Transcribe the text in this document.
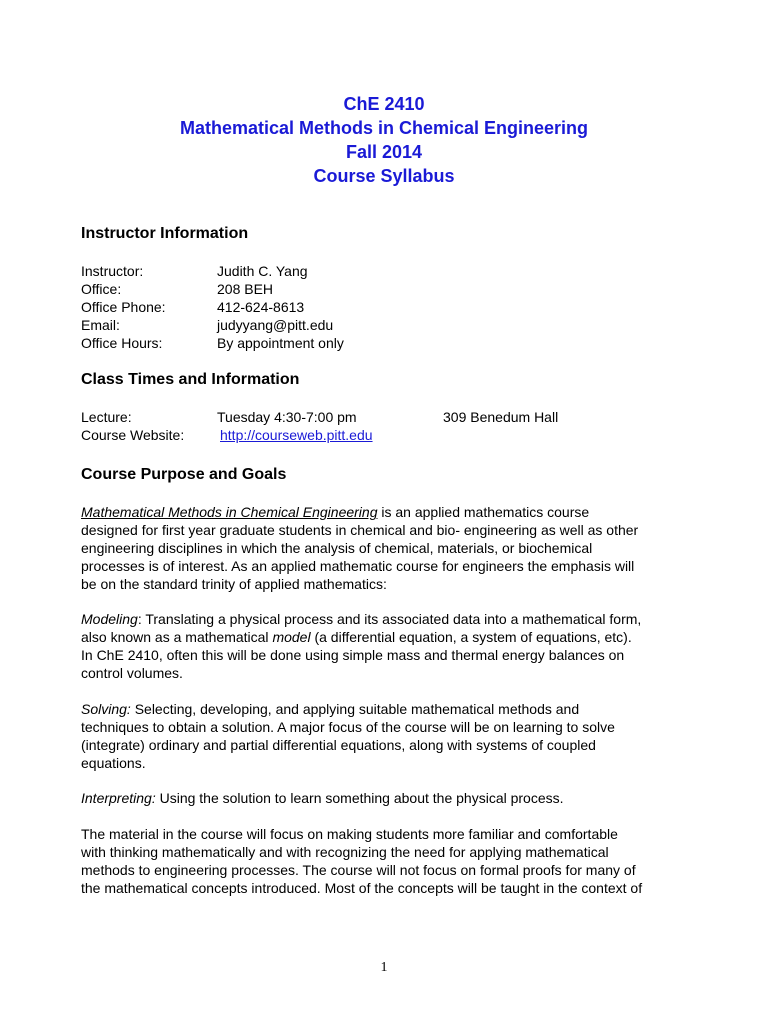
ChE 2410
Mathematical Methods in Chemical Engineering
Fall 2014
Course Syllabus
Instructor Information
Instructor:	Judith C. Yang
Office:	208 BEH
Office Phone:	412-624-8613
Email:	judyyang@pitt.edu
Office Hours:	By appointment only
Class Times and Information
Lecture:	Tuesday 4:30-7:00 pm	309 Benedum Hall
Course Website:	http://courseweb.pitt.edu
Course Purpose and Goals

Mathematical Methods in Chemical Engineering is an applied mathematics course
designed for first year graduate students in chemical and bio- engineering as well as other
engineering disciplines in which the analysis of chemical, materials, or biochemical
processes is of interest. As an applied mathematic course for engineers the emphasis will
be on the standard trinity of applied mathematics:

Modeling: Translating a physical process and its associated data into a mathematical form,
also known as a mathematical model (a differential equation, a system of equations, etc).
In ChE 2410, often this will be done using simple mass and thermal energy balances on
control volumes.

Solving: Selecting, developing, and applying suitable mathematical methods and
techniques to obtain a solution. A major focus of the course will be on learning to solve
(integrate) ordinary and partial differential equations, along with systems of coupled
equations.

Interpreting: Using the solution to learn something about the physical process.

The material in the course will focus on making students more familiar and comfortable
with thinking mathematically and with recognizing the need for applying mathematical
methods to engineering processes. The course will not focus on formal proofs for many of
the mathematical concepts introduced. Most of the concepts will be taught in the context of

1
